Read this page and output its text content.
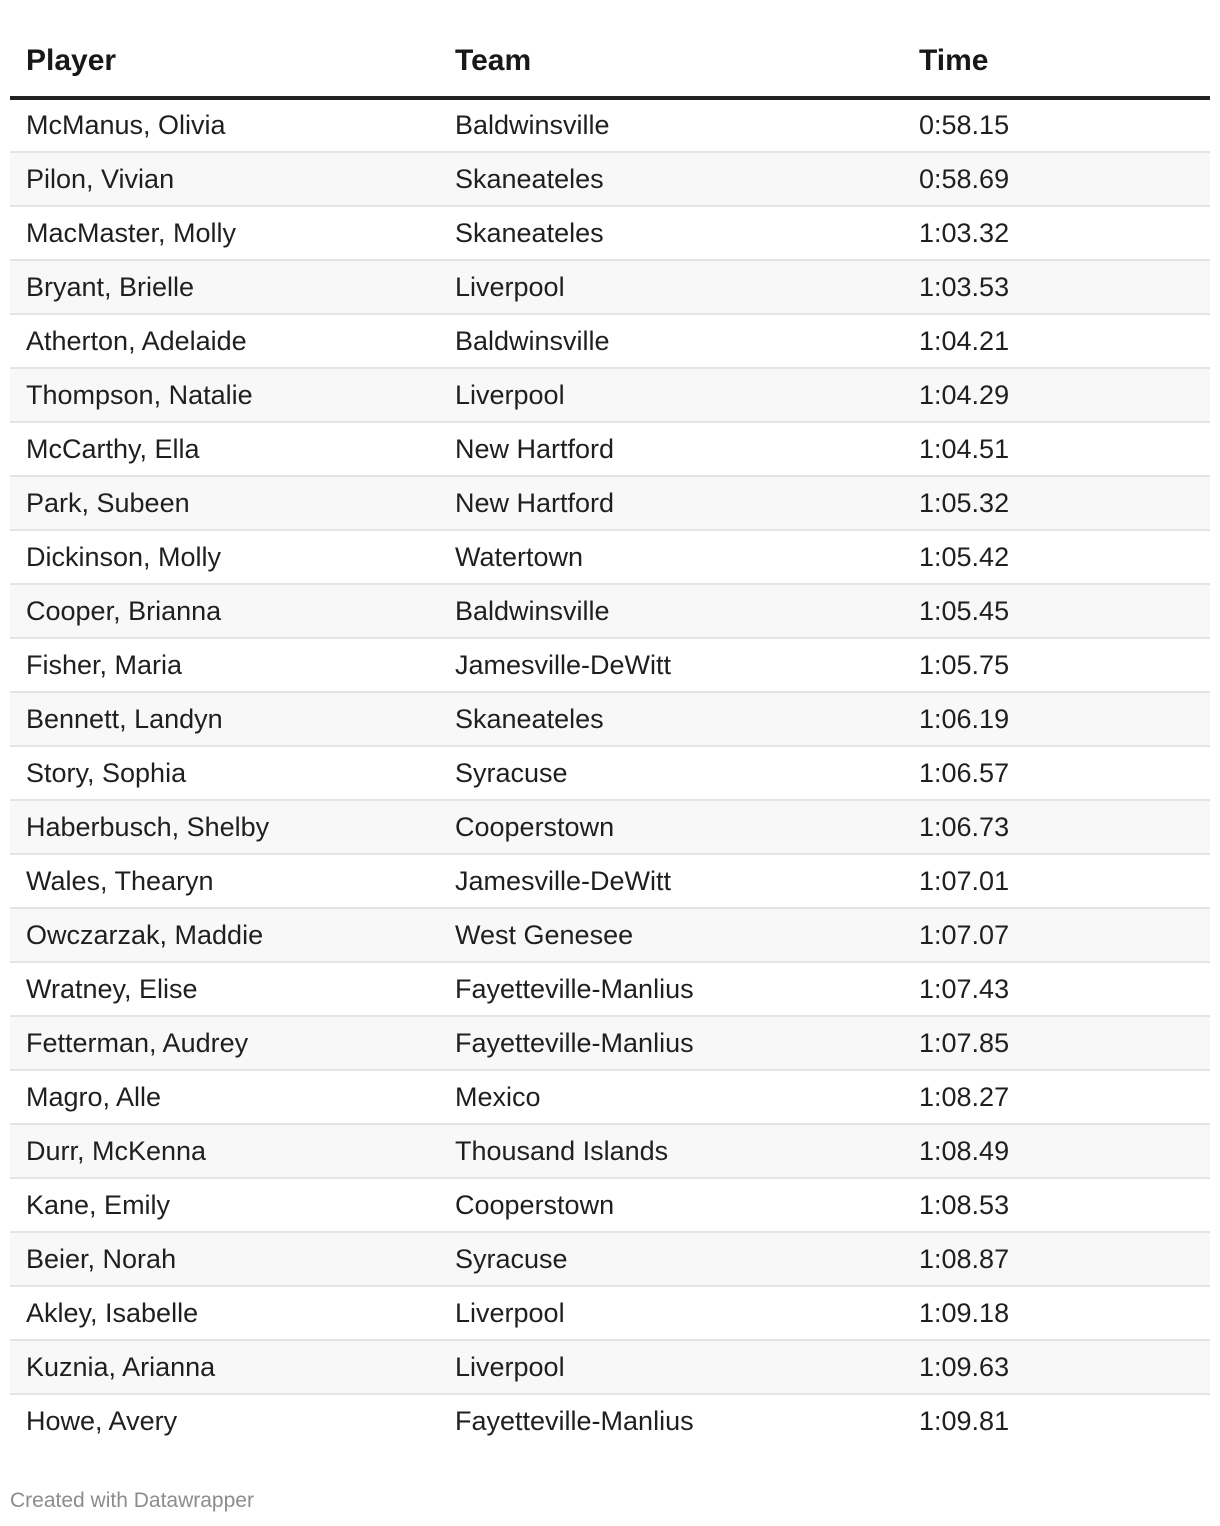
Player	Team	Time
McManus, Olivia	Baldwinsville	0:58.15
Pilon, Vivian	Skaneateles	0:58.69
MacMaster, Molly	Skaneateles	1:03.32
Bryant, Brielle	Liverpool	1:03.53
Atherton, Adelaide	Baldwinsville	1:04.21
Thompson, Natalie	Liverpool	1:04.29
McCarthy, Ella	New Hartford	1:04.51
Park, Subeen	New Hartford	1:05.32
Dickinson, Molly	Watertown	1:05.42
Cooper, Brianna	Baldwinsville	1:05.45
Fisher, Maria	Jamesville-DeWitt	1:05.75
Bennett, Landyn	Skaneateles	1:06.19
Story, Sophia	Syracuse	1:06.57
Haberbusch, Shelby	Cooperstown	1:06.73
Wales, Thearyn	Jamesville-DeWitt	1:07.01
Owczarzak, Maddie	West Genesee	1:07.07
Wratney, Elise	Fayetteville-Manlius	1:07.43
Fetterman, Audrey	Fayetteville-Manlius	1:07.85
Magro, Alle	Mexico	1:08.27
Durr, McKenna	Thousand Islands	1:08.49
Kane, Emily	Cooperstown	1:08.53
Beier, Norah	Syracuse	1:08.87
Akley, Isabelle	Liverpool	1:09.18
Kuznia, Arianna	Liverpool	1:09.63
Howe, Avery	Fayetteville-Manlius	1:09.81
Created with Datawrapper
